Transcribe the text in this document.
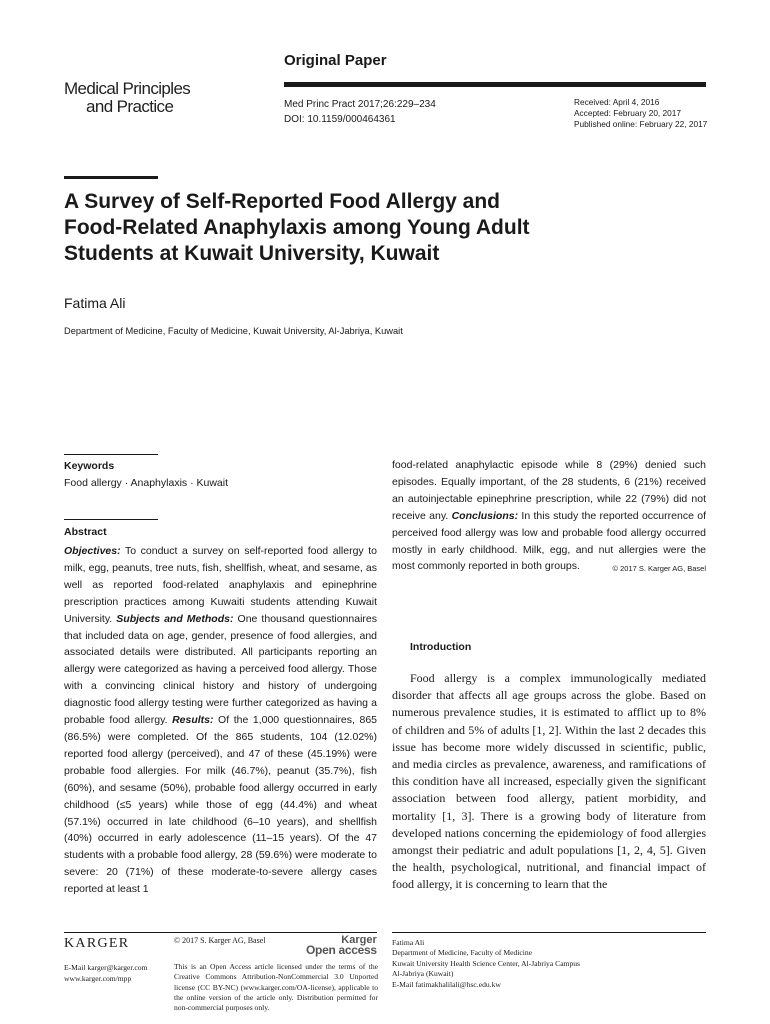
Medical Principles
and Practice
Original Paper
Med Princ Pract 2017;26:229–234
DOI: 10.1159/000464361
Received: April 4, 2016
Accepted: February 20, 2017
Published online: February 22, 2017
A Survey of Self-Reported Food Allergy and
Food-Related Anaphylaxis among Young Adult
Students at Kuwait University, Kuwait
Fatima Ali
Department of Medicine, Faculty of Medicine, Kuwait University, Al-Jabriya, Kuwait
Keywords
Food allergy · Anaphylaxis · Kuwait
Abstract
Objectives: To conduct a survey on self-reported food allergy to milk, egg, peanuts, tree nuts, fish, shellfish, wheat, and sesame, as well as reported food-related anaphylaxis and epinephrine prescription practices among Kuwaiti students attending Kuwait University. Subjects and Methods: One thousand questionnaires that included data on age, gender, presence of food allergies, and associated details were distributed. All participants reporting an allergy were categorized as having a perceived food allergy. Those with a convincing clinical history and history of undergoing diagnostic food allergy testing were further categorized as having a probable food allergy. Results: Of the 1,000 questionnaires, 865 (86.5%) were completed. Of the 865 students, 104 (12.02%) reported food allergy (perceived), and 47 of these (45.19%) were probable food allergies. For milk (46.7%), peanut (35.7%), fish (60%), and sesame (50%), probable food allergy occurred in early childhood (≤5 years) while those of egg (44.4%) and wheat (57.1%) occurred in late childhood (6–10 years), and shellfish (40%) occurred in early adolescence (11–15 years). Of the 47 students with a probable food allergy, 28 (59.6%) were moderate to severe: 20 (71%) of these moderate-to-severe allergy cases reported at least 1
food-related anaphylactic episode while 8 (29%) denied such episodes. Equally important, of the 28 students, 6 (21%) received an autoinjectable epinephrine prescription, while 22 (79%) did not receive any. Conclusions: In this study the reported occurrence of perceived food allergy was low and probable food allergy occurred mostly in early childhood. Milk, egg, and nut allergies were the most commonly reported in both groups.	© 2017 S. Karger AG, Basel
Introduction

Food allergy is a complex immunologically mediated disorder that affects all age groups across the globe. Based on numerous prevalence studies, it is estimated to afflict up to 8% of children and 5% of adults [1, 2]. Within the last 2 decades this issue has become more widely discussed in scientific, public, and media circles as prevalence, awareness, and ramifications of this condition have all increased, especially given the significant association between food allergy, patient morbidity, and mortality [1, 3]. There is a growing body of literature from developed nations concerning the epidemiology of food allergies amongst their pediatric and adult populations [1, 2, 4, 5]. Given the health, psychological, nutritional, and financial impact of food allergy, it is concerning to learn that the

KARGER
E-Mail karger@karger.com
www.karger.com/mpp
© 2017 S. Karger AG, Basel	Karger
Open access
This is an Open Access article licensed under the terms of the Creative Commons Attribution-NonCommercial 3.0 Unported license (CC BY-NC) (www.karger.com/OA-license), applicable to the online version of the article only. Distribution permitted for non-commercial purposes only.
Fatima Ali
Department of Medicine, Faculty of Medicine
Kuwait University Health Science Center, Al-Jabriya Campus
Al-Jabriya (Kuwait)
E-Mail fatimakhalilali@hsc.edu.kw
